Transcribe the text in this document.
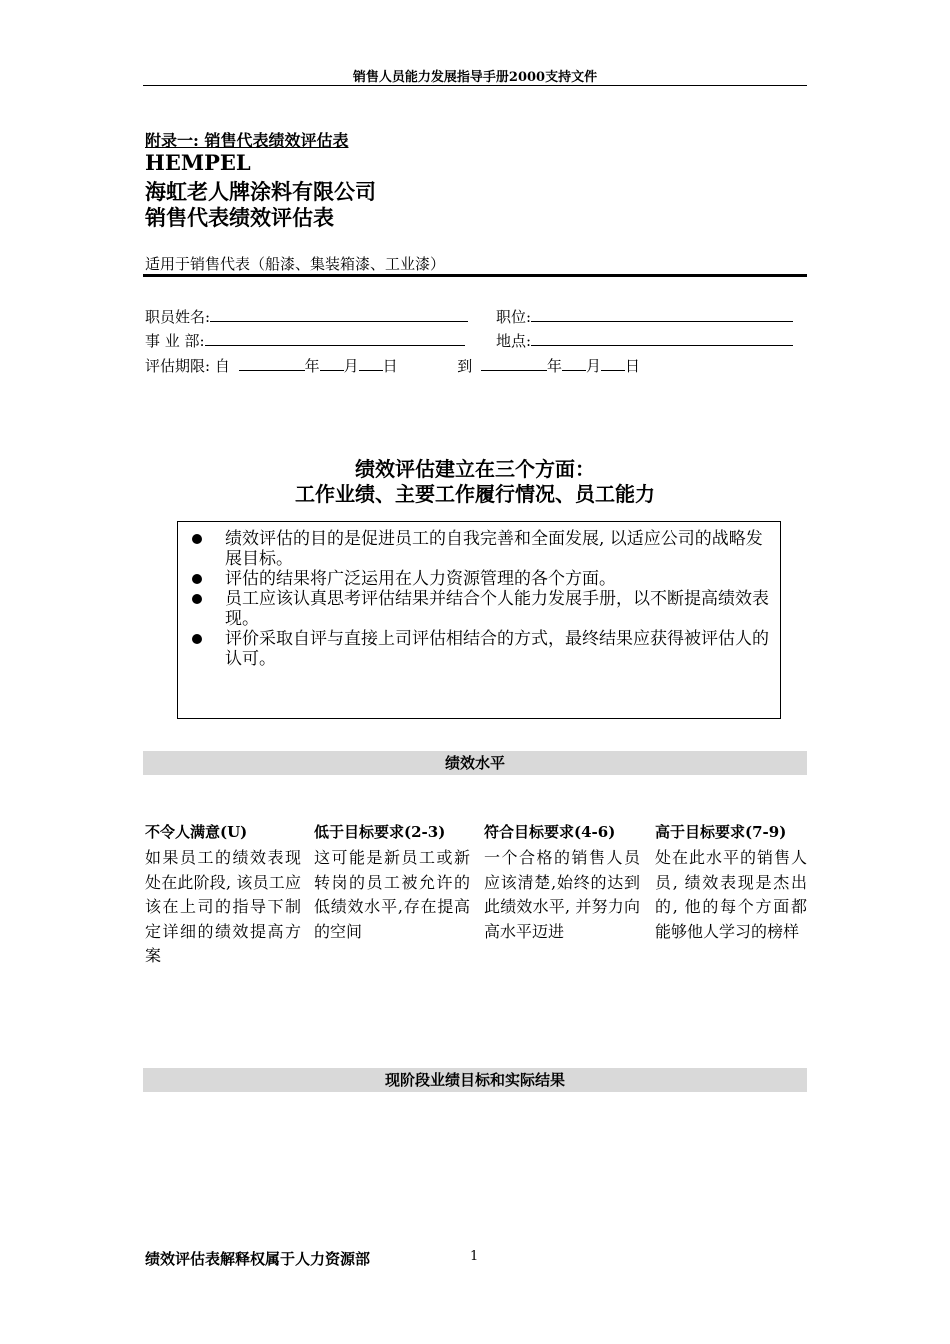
销售人员能力发展指导手册2000支持文件
附录一: 销售代表绩效评估表
HEMPEL
海虹老人牌涂料有限公司
销售代表绩效评估表
适用于销售代表（船漆、集装箱漆、工业漆）
职员姓名:	职位:
事 业 部:	地点:
评估期限: 自	年 月 日	到	年 月 日
绩效评估建立在三个方面：
工作业绩、主要工作履行情况、员工能力
绩效评估的目的是促进员工的自我完善和全面发展, 以适应公司的战略发展目标。
评估的结果将广泛运用在人力资源管理的各个方面。
员工应该认真思考评估结果并结合个人能力发展手册，以不断提高绩效表现。
评价采取自评与直接上司评估相结合的方式，最终结果应获得被评估人的认可。
绩效水平
不令人满意(U)
如果员工的绩效表现处在此阶段, 该员工应该在上司的指导下制定详细的绩效提高方案
低于目标要求(2-3)
这可能是新员工或新转岗的员工被允许的低绩效水平,存在提高的空间
符合目标要求(4-6)
一个合格的销售人员应该清楚,始终的达到此绩效水平, 并努力向高水平迈进
高于目标要求(7-9)
处在此水平的销售人员, 绩效表现是杰出的, 他的每个方面都能够他人学习的榜样
现阶段业绩目标和实际结果
绩效评估表解释权属于人力资源部	1
